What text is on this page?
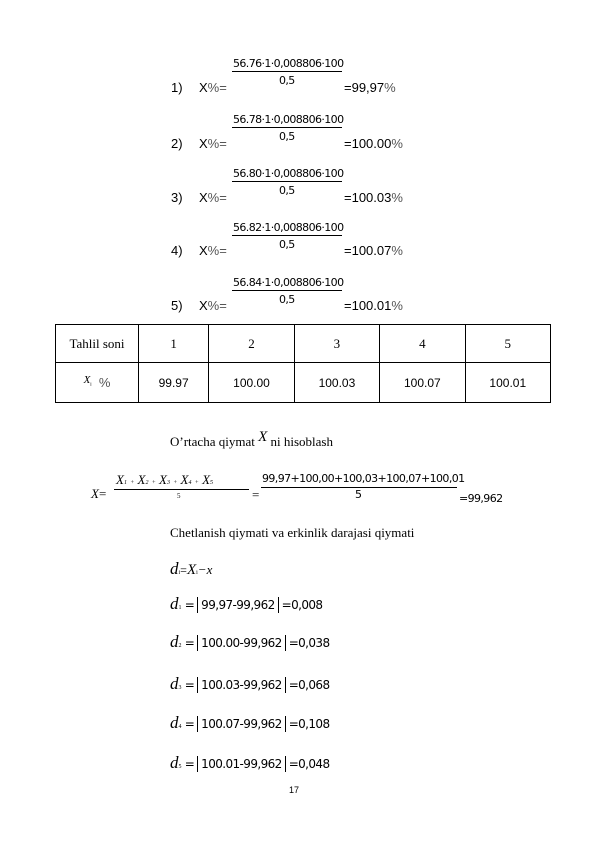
1) X%=
56.76·1·0,008806·100
0,5	=99,97%
2) X%=
56.78·1·0,008806·100
0,5	=100.00%
3) X%=
56.80·1·0,008806·100
0,5	=100.03%
4) X%=
56.82·1·0,008806·100
0,5	=100.07%
5) X%=
56.84·1·0,008806·100
0,5	=100.01%
Tahlil soni	1	2	3	4	5
Xi %	99.97	100.00	100.03	100.07	100.01
O’rtacha qiymat X ni hisoblash
X=
X1 + X2 + X3 + X4 + X5
5	=
99,97+100,00+100,03+100,07+100,01
5	=99,962
Chetlanish qiymati va erkinlik darajasi qiymati
di=Xi−x
d1 = 99,97-99,962 =0,008
d2 = 100.00-99,962 =0,038
d3 = 100.03-99,962 =0,068
d4 = 100.07-99,962 =0,108
d5 = 100.01-99,962 =0,048
17
